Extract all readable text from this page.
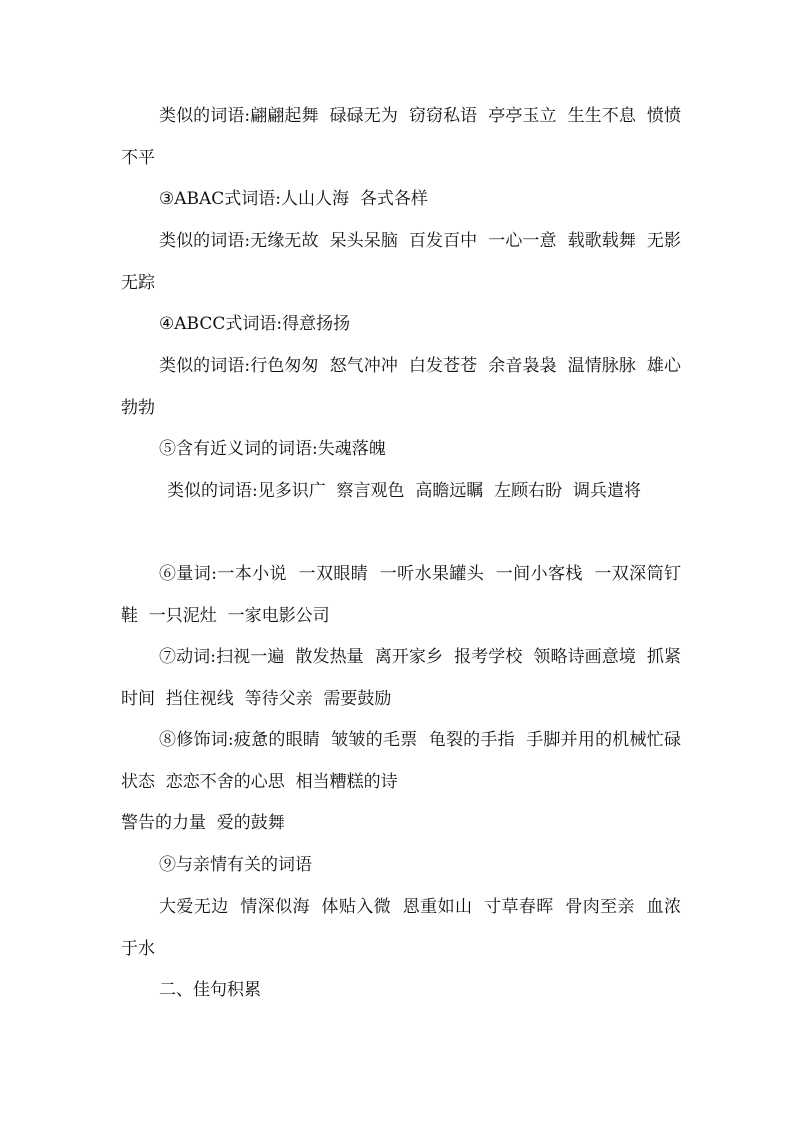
类似的词语:翩翩起舞  碌碌无为  窃窃私语  亭亭玉立  生生不息  愤愤不平

③ABAC式词语:人山人海  各式各样

类似的词语:无缘无故  呆头呆脑  百发百中  一心一意  载歌载舞  无影无踪

④ABCC式词语:得意扬扬

类似的词语:行色匆匆  怒气冲冲  白发苍苍  余音袅袅  温情脉脉  雄心勃勃

⑤含有近义词的词语:失魂落魄

类似的词语:见多识广  察言观色  高瞻远瞩  左顾右盼  调兵遣将

⑥量词:一本小说  一双眼睛  一听水果罐头  一间小客栈  一双深筒钉鞋  一只泥灶  一家电影公司

⑦动词:扫视一遍  散发热量  离开家乡  报考学校  领略诗画意境  抓紧时间  挡住视线  等待父亲  需要鼓励

⑧修饰词:疲惫的眼睛  皱皱的毛票  龟裂的手指  手脚并用的机械忙碌状态  恋恋不舍的心思  相当糟糕的诗

警告的力量  爱的鼓舞

⑨与亲情有关的词语

大爱无边  情深似海  体贴入微  恩重如山  寸草春晖  骨肉至亲  血浓于水

二、佳句积累
